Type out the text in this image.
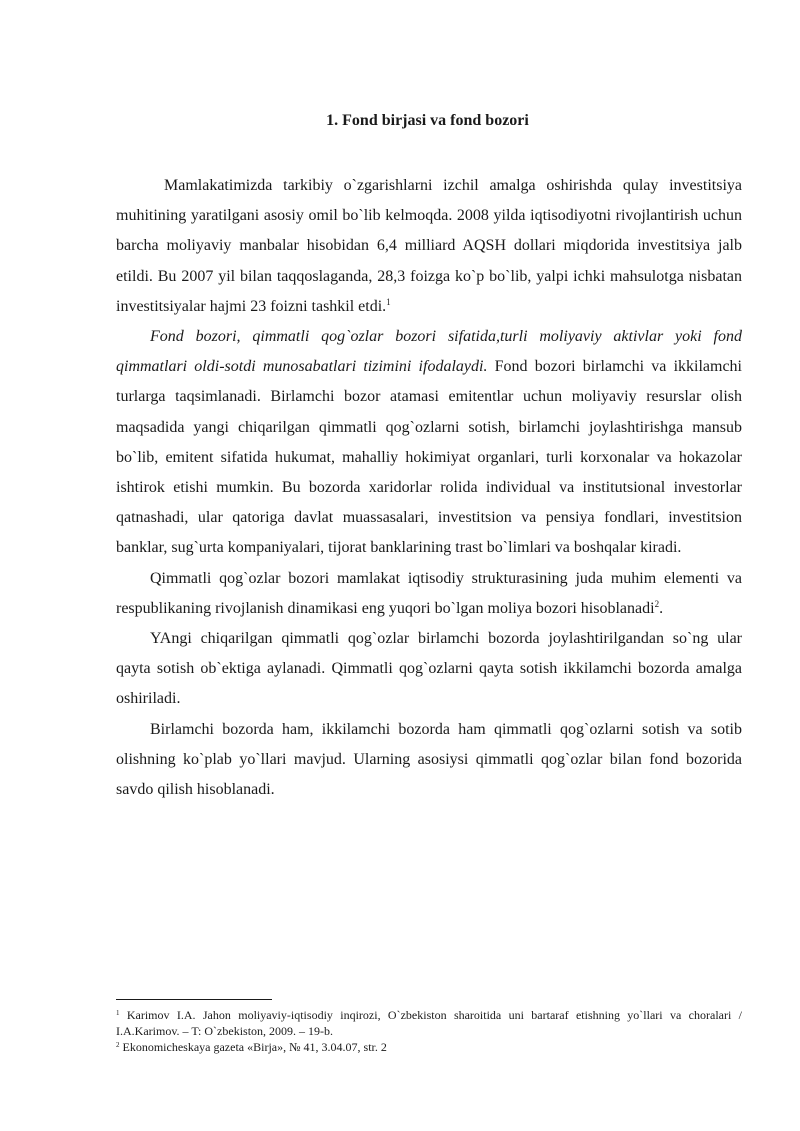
1. Fond birjasi va fond bozori

Mamlakatimizda tarkibiy o`zgarishlarni izchil amalga oshirishda qulay investitsiya muhitining yaratilgani asosiy omil bo`lib kelmoqda. 2008 yilda iqtisodiyotni rivojlantirish uchun barcha moliyaviy manbalar hisobidan 6,4 milliard AQSH dollari miqdorida investitsiya jalb etildi. Bu 2007 yil bilan taqqoslaganda, 28,3 foizga ko`p bo`lib, yalpi ichki mahsulotga nisbatan investitsiyalar hajmi 23 foizni tashkil etdi.$^1$

Fond bozori, qimmatli qog`ozlar bozori sifatida,turli moliyaviy aktivlar yoki fond qimmatlari oldi-sotdi munosabatlari tizimini ifodalaydi. Fond bozori birlamchi va ikkilamchi turlarga taqsimlanadi. Birlamchi bozor atamasi emitentlar uchun moliyaviy resurslar olish maqsadida yangi chiqarilgan qimmatli qog`ozlarni sotish, birlamchi joylashtirishga mansub bo`lib, emitent sifatida hukumat, mahalliy hokimiyat organlari, turli korxonalar va hokazolar ishtirok etishi mumkin. Bu bozorda xaridorlar rolida individual va institutsional investorlar qatnashadi, ular qatoriga davlat muassasalari, investitsion va pensiya fondlari, investitsion banklar, sug`urta kompaniyalari, tijorat banklarining trast bo`limlari va boshqalar kiradi.

Qimmatli qog`ozlar bozori mamlakat iqtisodiy strukturasining juda muhim elementi va respublikaning rivojlanish dinamikasi eng yuqori bo`lgan moliya bozori hisoblanadi$^2$.

YAngi chiqarilgan qimmatli qog`ozlar birlamchi bozorda joylashtirilgandan so`ng ular qayta sotish ob`ektiga aylanadi. Qimmatli qog`ozlarni qayta sotish ikkilamchi bozorda amalga oshiriladi.

Birlamchi bozorda ham, ikkilamchi bozorda ham qimmatli qog`ozlarni sotish va sotib olishning ko`plab yo`llari mavjud. Ularning asosiysi qimmatli qog`ozlar bilan fond bozorida savdo qilish hisoblanadi.

$^1$ Karimov I.A. Jahon moliyaviy-iqtisodiy inqirozi, O`zbekiston sharoitida uni bartaraf etishning yo`llari va choralari / I.A.Karimov. – T: O`zbekiston, 2009. – 19-b.

$^2$ Ekonomicheskaya gazeta «Birja», № 41, 3.04.07, str. 2
